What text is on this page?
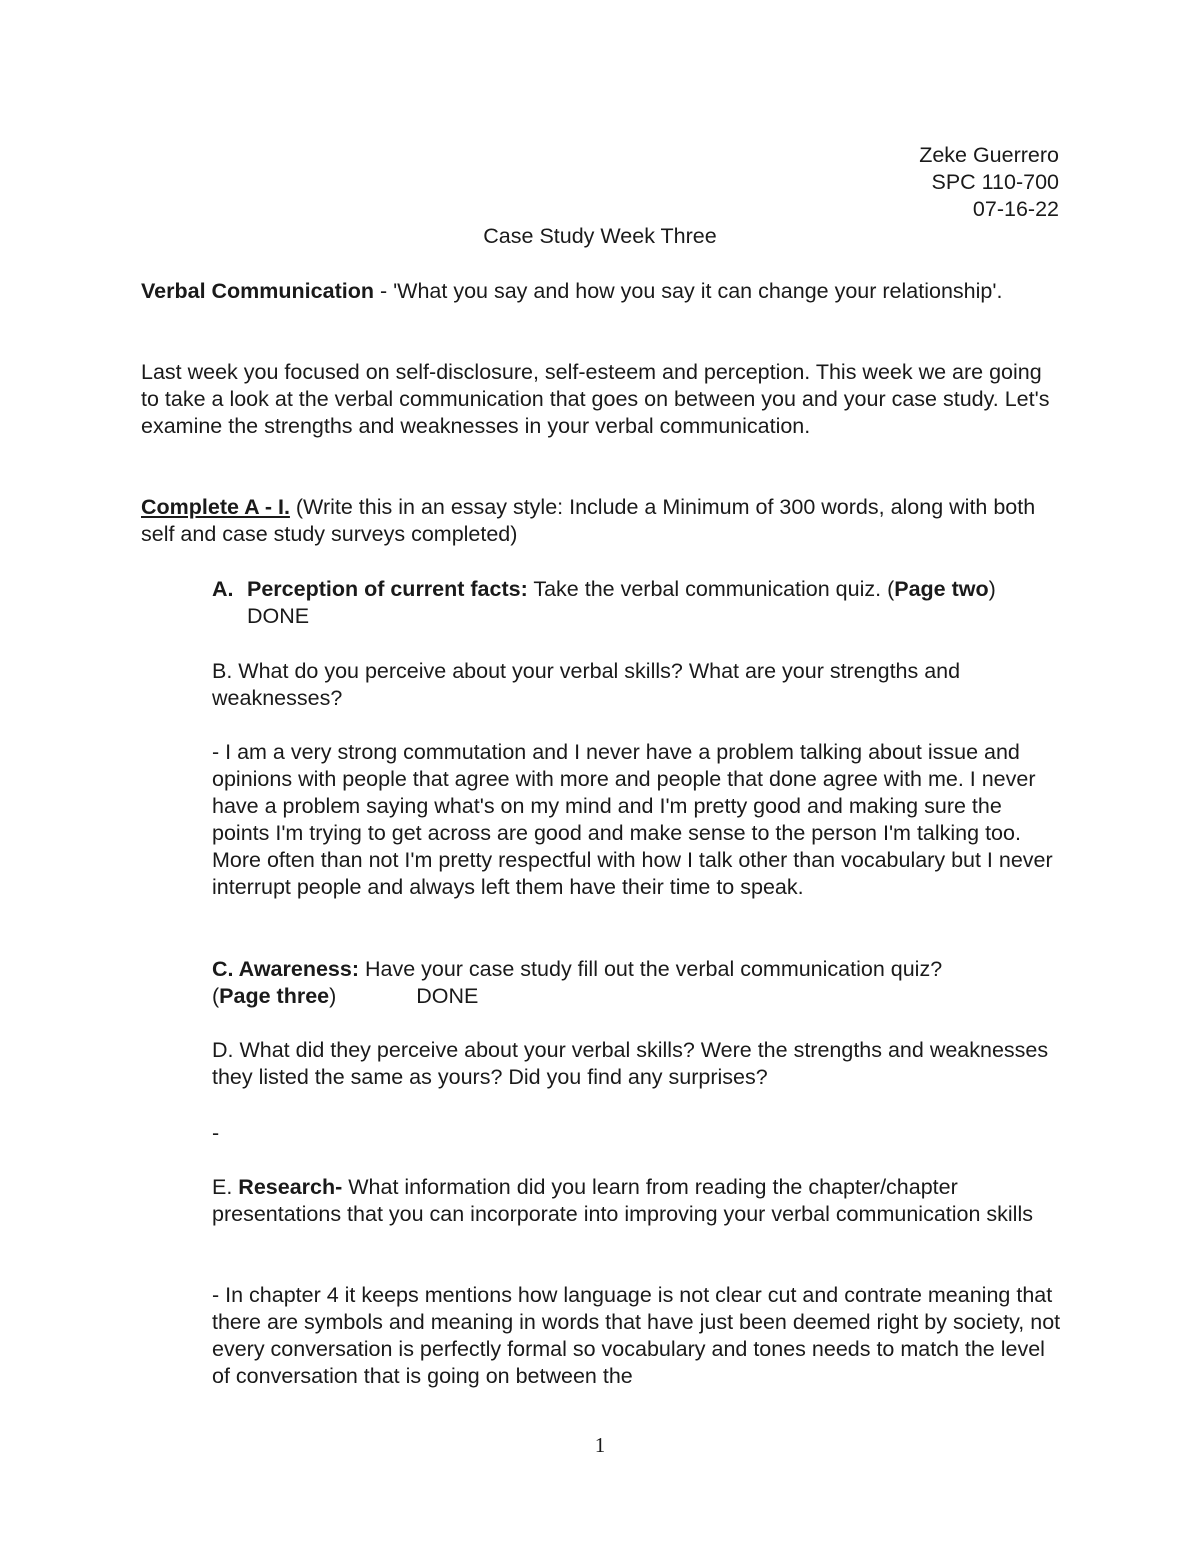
Zeke Guerrero
SPC 110-700
07-16-22
Case Study Week Three

Verbal Communication - 'What you say and how you say it can change your relationship'.

Last week you focused on self-disclosure, self-esteem and perception. This week we are going to take a look at the verbal communication that goes on between you and your case study. Let's examine the strengths and weaknesses in your verbal communication.

Complete A - I. (Write this in an essay style: Include a Minimum of 300 words, along with both self and case study surveys completed)

A. Perception of current facts: Take the verbal communication quiz. (Page two)DONE

B. What do you perceive about your verbal skills? What are your strengths and weaknesses?

- I am a very strong commutation and I never have a problem talking about issue and opinions with people that agree with more and people that done agree with me. I never have a problem saying what's on my mind and I'm pretty good and making sure the points I'm trying to get across are good and make sense to the person I'm talking too. More often than not I'm pretty respectful with how I talk other than vocabulary but I never interrupt people and always left them have their time to speak.

C. Awareness: Have your case study fill out the verbal communication quiz?
(Page three)	DONE

D. What did they perceive about your verbal skills? Were the strengths and weaknesses they listed the same as yours? Did you find any surprises?

-

E. Research- What information did you learn from reading the chapter/chapter presentations that you can incorporate into improving your verbal communication skills

- In chapter 4 it keeps mentions how language is not clear cut and contrate meaning that there are symbols and meaning in words that have just been deemed right by society, not every conversation is perfectly formal so vocabulary and tones needs to match the level of conversation that is going on between the

1
